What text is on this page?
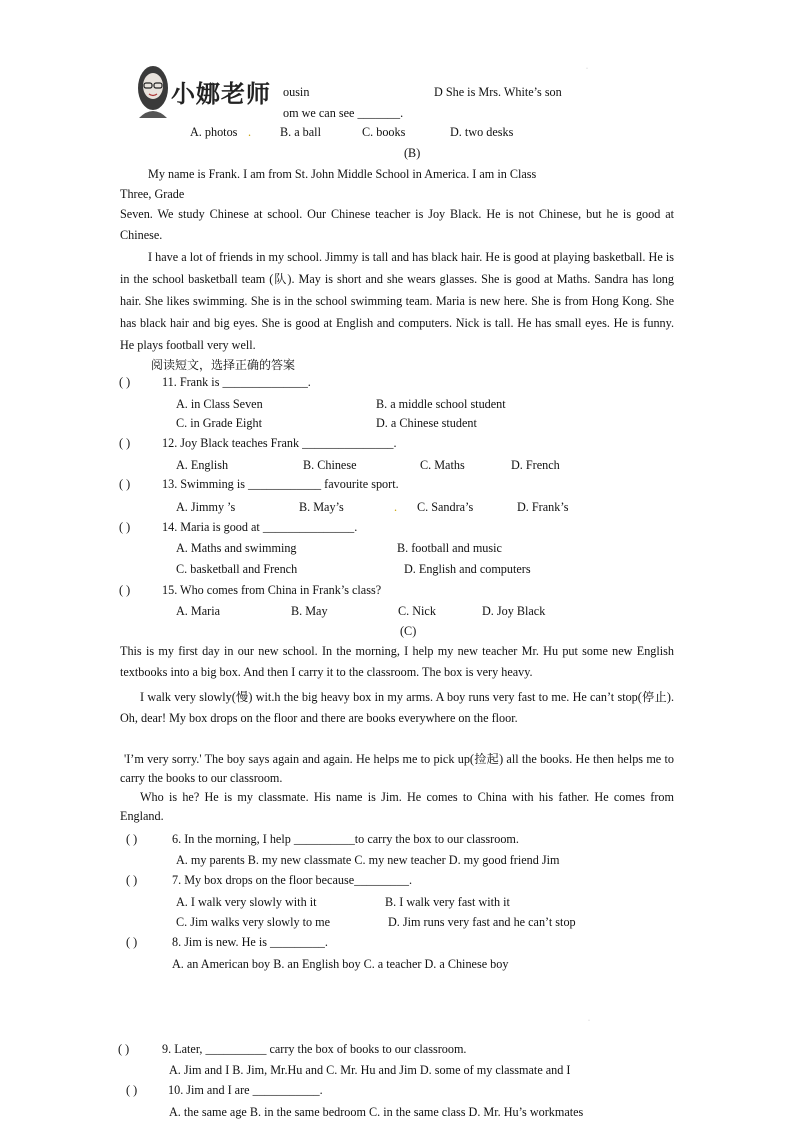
小娜老师 ousin	D She is Mrs. White’s son
·
om we can see _______.
A. photos . B. a ball	C. books	D. two desks
(B)
My name is Frank. I am from St. John Middle School in America. I am in Class
Three, Grade
Seven. We study Chinese at school. Our Chinese teacher is Joy Black. He is not Chinese, but he is good at Chinese.
I have a lot of friends in my school. Jimmy is tall and has black hair. He is good at playing basketball. He is in the school basketball team (队). May is short and she wears glasses. She is good at Maths. Sandra has long hair. She likes swimming. She is in the school swimming team. Maria is new here. She is from Hong Kong. She has black hair and big eyes. She is good at English and computers. Nick is tall. He has small eyes. He is funny. He plays football very well.
阅读短文，选择正确的答案
( )	11. Frank is ______________.
A. in Class Seven	B. a middle school student
C. in Grade Eight	D. a Chinese student
( )	12. Joy Black teaches Frank _______________.
A. English	B. Chinese	C. Maths	D. French
( )	13. Swimming is ____________ favourite sport.
A. Jimmy ’s	B. May’s	. C. Sandra’s	D. Frank’s
( )	14. Maria is good at _______________.
A. Maths and swimming	B. football and music
C. basketball and French	D. English and computers
( )	15. Who comes from China in Frank’s class?
A. Maria	B. May	C. Nick	D. Joy Black
(C)
This is my first day in our new school. In the morning, I help my new teacher Mr. Hu put some new English textbooks into a big box. And then I carry it to the classroom. The box is very heavy.
I walk very slowly(慢) wit.h the big heavy box in my arms. A boy runs very fast to me. He can’t stop(停止). Oh, dear! My box drops on the floor and there are books everywhere on the floor.
'I’m very sorry.' The boy says again and again. He helps me to pick up(捡起) all the books. He then helps me to carry the books to our classroom.
Who is he? He is my classmate. His name is Jim. He comes to China with his father. He comes from England.
( )	6. In the morning, I help __________to carry the box to our classroom.
A. my parents B. my new classmate C. my new teacher D. my good friend Jim
( )	7. My box drops on the floor because_________.
A. I walk very slowly with it	B. I walk very fast with it
C. Jim walks very slowly to me	D. Jim runs very fast and he can’t stop
( )	8. Jim is new. He is _________.
A. an American boy B. an English boy C. a teacher D. a Chinese boy
·
( )	9. Later, __________ carry the box of books to our classroom.
A. Jim and I B. Jim, Mr.Hu and C. Mr. Hu and Jim D. some of my classmate and I
( )	10. Jim and I are ___________.
A. the same age B. in the same bedroom C. in the same class D. Mr. Hu’s workmates
